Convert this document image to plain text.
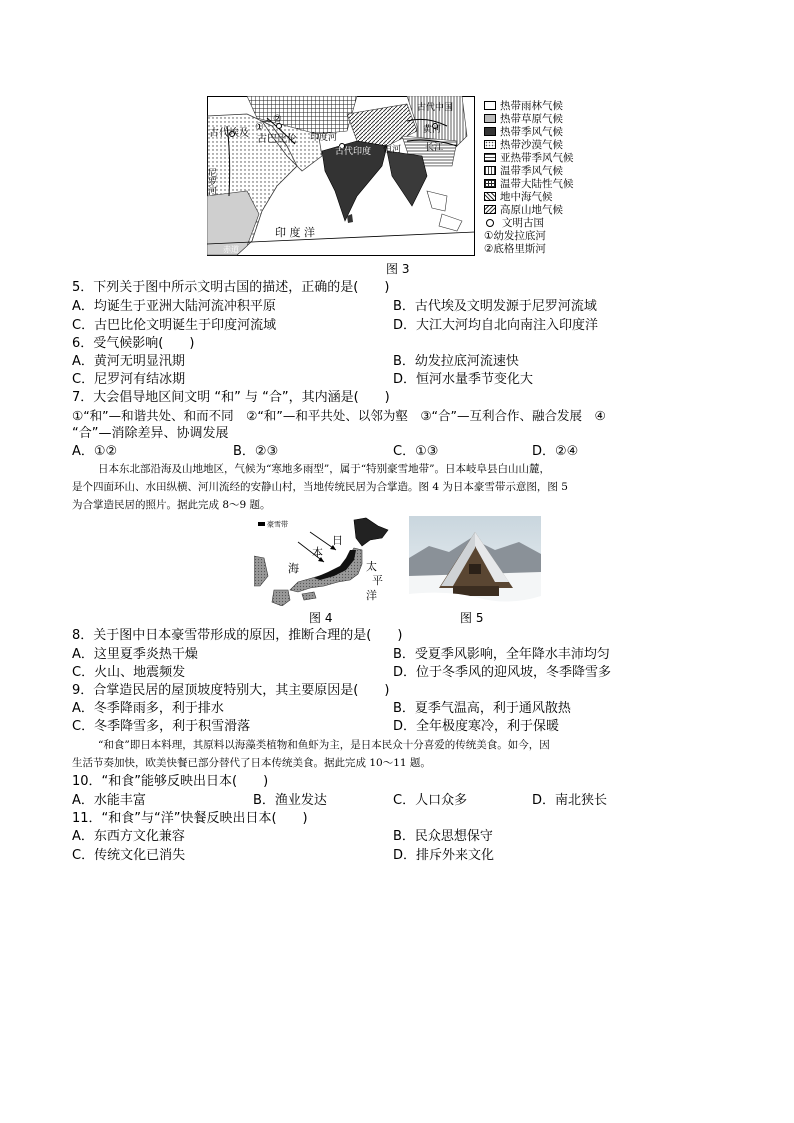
①
古巴比伦
古代埃及
尼罗河
②
印度河
古代印度 恒河
古代中国
黄河
长江
印 度 洋
赤道
热带雨林气候
热带草原气候
热带季风气候
热带沙漠气候
亚热带季风气候
温带季风气候
温带大陆性气候
地中海气候
高原山地气候
文明古国
①幼发拉底河
②底格里斯河
图 3
5．下列关于图中所示文明古国的描述，正确的是(　　)
A．均诞生于亚洲大陆河流冲积平原	B．古代埃及文明发源于尼罗河流域
C．古巴比伦文明诞生于印度河流域	D．大江大河均自北向南注入印度洋
6．受气候影响(　　)
A．黄河无明显汛期	B．幼发拉底河流速快
C．尼罗河有结冰期	D．恒河水量季节变化大
7．大会倡导地区间文明 “和” 与 “合”，其内涵是(　　)
①“和”—和谐共处、和而不同　②“和”—和平共处、以邻为壑　③“合”—互利合作、融合发展　④
“合”—消除差异、协调发展
A．①②	B．②③	C．①③	D．②④
日本东北部沿海及山地地区，气候为“寒地多雨型”，属于“特别豪雪地带”。日本岐阜县白山山麓，
是个四面环山、水田纵横、河川流经的安静山村，当地传统民居为合掌造。图 4 为日本豪雪带示意图，图 5
为合掌造民居的照片。据此完成 8～9 题。
豪雪带
日
本
海	太
平
洋
图 4	图 5
8．关于图中日本豪雪带形成的原因，推断合理的是(　　)
A．这里夏季炎热干燥	B．受夏季风影响，全年降水丰沛均匀
C．火山、地震频发	D．位于冬季风的迎风坡，冬季降雪多
9．合掌造民居的屋顶坡度特别大，其主要原因是(　　)
A．冬季降雨多，利于排水	B．夏季气温高，利于通风散热
C．冬季降雪多，利于积雪滑落	D．全年极度寒冷，利于保暖
“和食”即日本料理，其原料以海藻类植物和鱼虾为主，是日本民众十分喜爱的传统美食。如今，因
生活节奏加快，欧美快餐已部分替代了日本传统美食。据此完成 10～11 题。
10．“和食”能够反映出日本(　　)
A．水能丰富	B．渔业发达	C．人口众多	D．南北狭长
11．“和食”与“洋”快餐反映出日本(　　)
A．东西方文化兼容	B．民众思想保守
C．传统文化已消失	D．排斥外来文化
